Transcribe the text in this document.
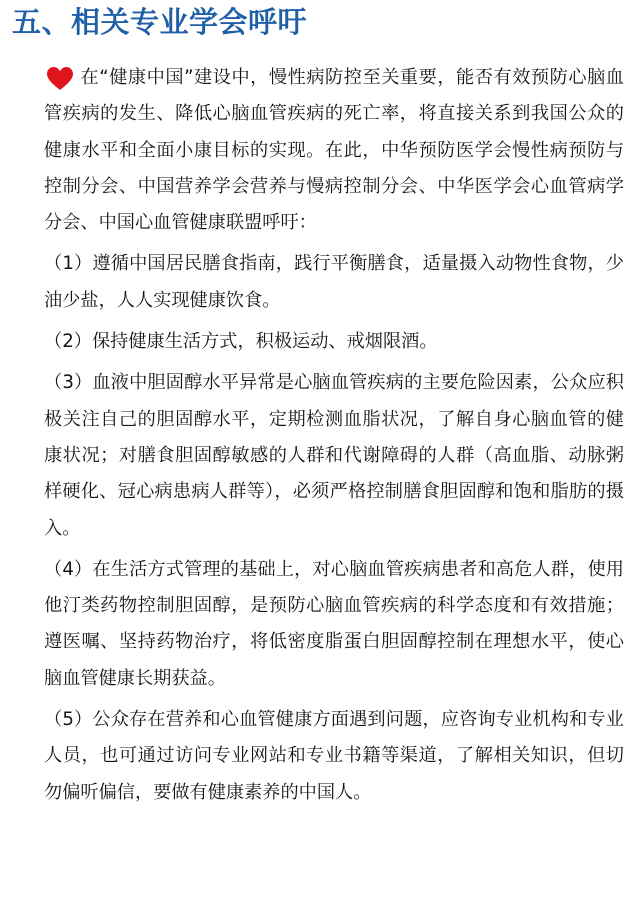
五、相关专业学会呼吁

在“健康中国”建设中，慢性病防控至关重要，能否有效预防心脑血管疾病的发生、降低心脑血管疾病的死亡率，将直接关系到我国公众的健康水平和全面小康目标的实现。在此，中华预防医学会慢性病预防与控制分会、中国营养学会营养与慢病控制分会、中华医学会心血管病学分会、中国心血管健康联盟呼吁：

（1）遵循中国居民膳食指南，践行平衡膳食，适量摄入动物性食物，少油少盐，人人实现健康饮食。

（2）保持健康生活方式，积极运动、戒烟限酒。

（3）血液中胆固醇水平异常是心脑血管疾病的主要危险因素，公众应积极关注自己的胆固醇水平，定期检测血脂状况，了解自身心脑血管的健康状况；对膳食胆固醇敏感的人群和代谢障碍的人群（高血脂、动脉粥样硬化、冠心病患病人群等），必须严格控制膳食胆固醇和饱和脂肪的摄入。

（4）在生活方式管理的基础上，对心脑血管疾病患者和高危人群，使用他汀类药物控制胆固醇，是预防心脑血管疾病的科学态度和有效措施；遵医嘱、坚持药物治疗，将低密度脂蛋白胆固醇控制在理想水平，使心脑血管健康长期获益。

（5）公众存在营养和心血管健康方面遇到问题，应咨询专业机构和专业人员，也可通过访问专业网站和专业书籍等渠道，了解相关知识，但切勿偏听偏信，要做有健康素养的中国人。
